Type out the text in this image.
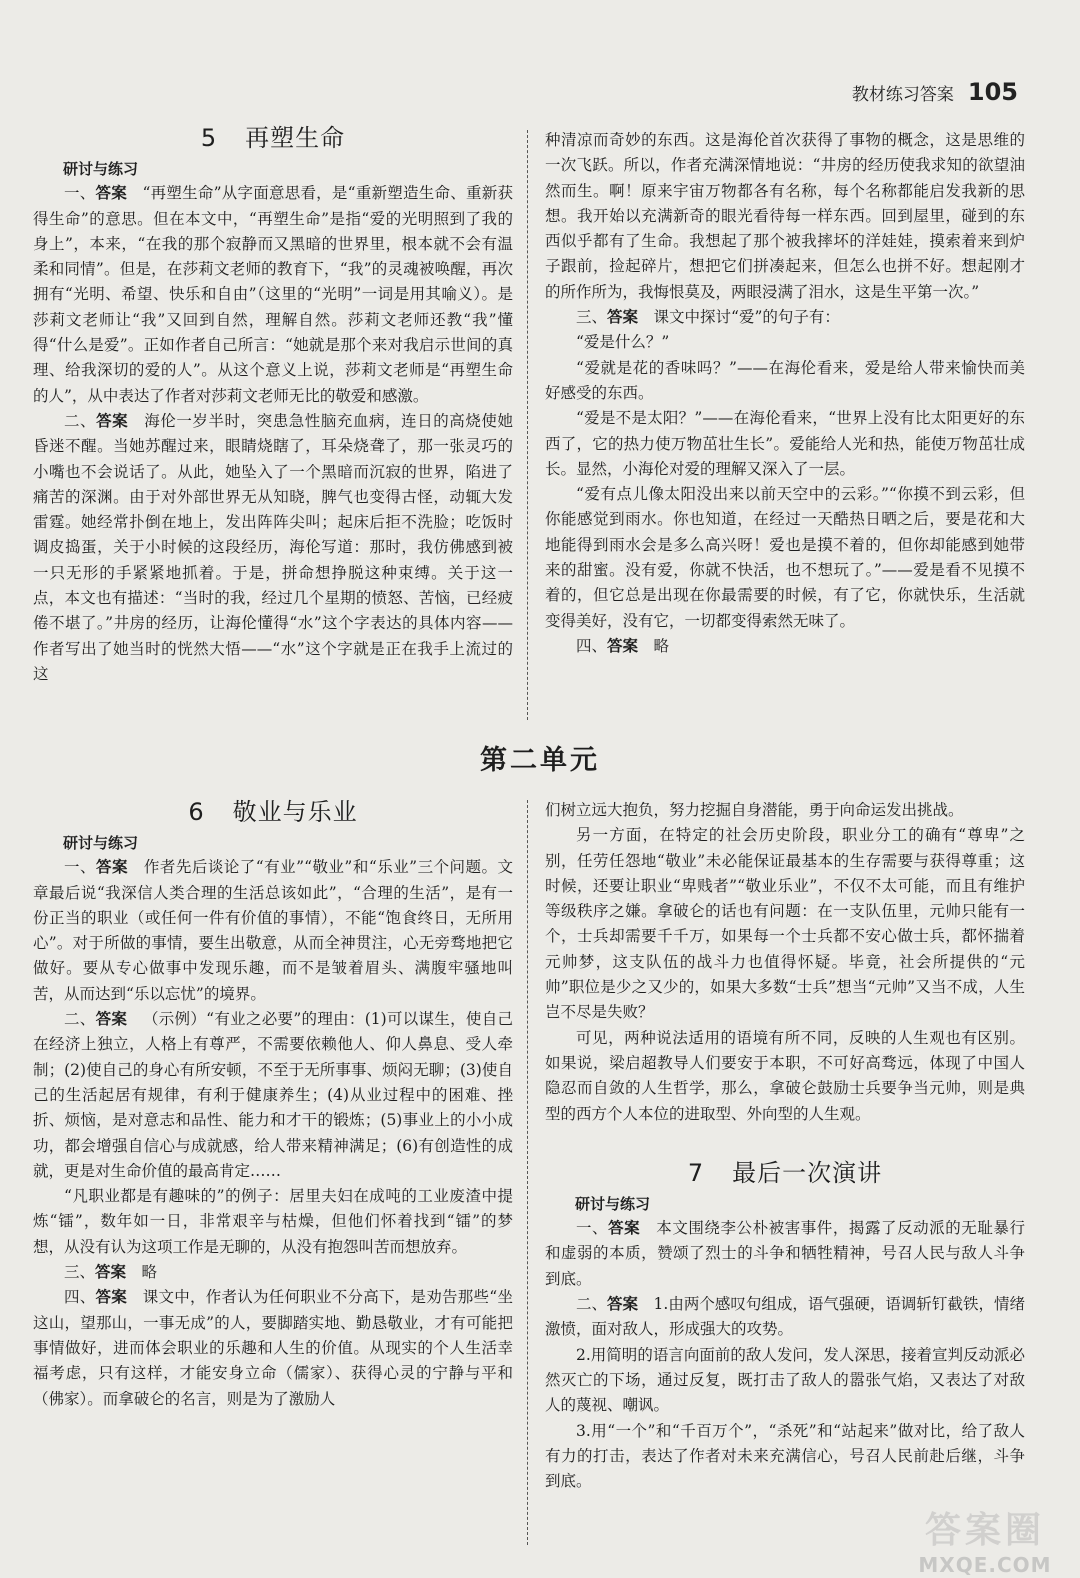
教材练习答案 105
5 再塑生命

研讨与练习

一、答案  “再塑生命”从字面意思看，是“重新塑造生命、重新获得生命”的意思。但在本文中，“再塑生命”是指“爱的光明照到了我的身上”，本来，“在我的那个寂静而又黑暗的世界里，根本就不会有温柔和同情”。但是，在莎莉文老师的教育下，“我”的灵魂被唤醒，再次拥有“光明、希望、快乐和自由”（这里的“光明”一词是用其喻义）。是莎莉文老师让“我”又回到自然，理解自然。莎莉文老师还教“我”懂得“什么是爱”。正如作者自己所言：“她就是那个来对我启示世间的真理、给我深切的爱的人”。从这个意义上说，莎莉文老师是“再塑生命的人”，从中表达了作者对莎莉文老师无比的敬爱和感激。

二、答案  海伦一岁半时，突患急性脑充血病，连日的高烧使她昏迷不醒。当她苏醒过来，眼睛烧瞎了，耳朵烧聋了，那一张灵巧的小嘴也不会说话了。从此，她坠入了一个黑暗而沉寂的世界，陷进了痛苦的深渊。由于对外部世界无从知晓，脾气也变得古怪，动辄大发雷霆。她经常扑倒在地上，发出阵阵尖叫；起床后拒不洗脸；吃饭时调皮捣蛋，关于小时候的这段经历，海伦写道：那时，我仿佛感到被一只无形的手紧紧地抓着。于是，拼命想挣脱这种束缚。关于这一点，本文也有描述：“当时的我，经过几个星期的愤怒、苦恼，已经疲倦不堪了。”井房的经历，让海伦懂得“水”这个字表达的具体内容——作者写出了她当时的恍然大悟——“水”这个字就是正在我手上流过的这

种清凉而奇妙的东西。这是海伦首次获得了事物的概念，这是思维的一次飞跃。所以，作者充满深情地说：“井房的经历使我求知的欲望油然而生。啊！原来宇宙万物都各有名称，每个名称都能启发我新的思想。我开始以充满新奇的眼光看待每一样东西。回到屋里，碰到的东西似乎都有了生命。我想起了那个被我摔坏的洋娃娃，摸索着来到炉子跟前，捡起碎片，想把它们拼凑起来，但怎么也拼不好。想起刚才的所作所为，我悔恨莫及，两眼浸满了泪水，这是生平第一次。”

三、答案  课文中探讨“爱”的句子有：

“爱是什么？”

“爱就是花的香味吗？”——在海伦看来，爱是给人带来愉快而美好感受的东西。

“爱是不是太阳？”——在海伦看来，“世界上没有比太阳更好的东西了，它的热力使万物茁壮生长”。爱能给人光和热，能使万物茁壮成长。显然，小海伦对爱的理解又深入了一层。

“爱有点儿像太阳没出来以前天空中的云彩。”“你摸不到云彩，但你能感觉到雨水。你也知道，在经过一天酷热日晒之后，要是花和大地能得到雨水会是多么高兴呀！爱也是摸不着的，但你却能感到她带来的甜蜜。没有爱，你就不快活，也不想玩了。”——爱是看不见摸不着的，但它总是出现在你最需要的时候，有了它，你就快乐，生活就变得美好，没有它，一切都变得索然无味了。

四、答案  略

第二单元
6 敬业与乐业

研讨与练习

一、答案  作者先后谈论了“有业”“敬业”和“乐业”三个问题。文章最后说“我深信人类合理的生活总该如此”，“合理的生活”，是有一份正当的职业（或任何一件有价值的事情），不能“饱食终日，无所用心”。对于所做的事情，要生出敬意，从而全神贯注，心无旁骛地把它做好。要从专心做事中发现乐趣，而不是皱着眉头、满腹牢骚地叫苦，从而达到“乐以忘忧”的境界。

二、答案  （示例）“有业之必要”的理由：(1)可以谋生，使自己在经济上独立，人格上有尊严，不需要依赖他人、仰人鼻息、受人牵制；(2)使自己的身心有所安顿，不至于无所事事、烦闷无聊；(3)使自己的生活起居有规律，有利于健康养生；(4)从业过程中的困难、挫折、烦恼，是对意志和品性、能力和才干的锻炼；(5)事业上的小小成功，都会增强自信心与成就感，给人带来精神满足；(6)有创造性的成就，更是对生命价值的最高肯定……

“凡职业都是有趣味的”的例子：居里夫妇在成吨的工业废渣中提炼“镭”，数年如一日，非常艰辛与枯燥，但他们怀着找到“镭”的梦想，从没有认为这项工作是无聊的，从没有抱怨叫苦而想放弃。

三、答案  略

四、答案  课文中，作者认为任何职业不分高下，是劝告那些“坐这山，望那山，一事无成”的人，要脚踏实地、勤恳敬业，才有可能把事情做好，进而体会职业的乐趣和人生的价值。从现实的个人生活幸福考虑，只有这样，才能安身立命（儒家）、获得心灵的宁静与平和（佛家）。而拿破仑的名言，则是为了激励人

们树立远大抱负，努力挖掘自身潜能，勇于向命运发出挑战。

另一方面，在特定的社会历史阶段，职业分工的确有“尊卑”之别，任劳任怨地“敬业”未必能保证最基本的生存需要与获得尊重；这时候，还要让职业“卑贱者”“敬业乐业”，不仅不太可能，而且有维护等级秩序之嫌。拿破仑的话也有问题：在一支队伍里，元帅只能有一个，士兵却需要千千万，如果每一个士兵都不安心做士兵，都怀揣着元帅梦，这支队伍的战斗力也值得怀疑。毕竟，社会所提供的“元帅”职位是少之又少的，如果大多数“士兵”想当“元帅”又当不成，人生岂不尽是失败？

可见，两种说法适用的语境有所不同，反映的人生观也有区别。如果说，梁启超教导人们要安于本职，不可好高骛远，体现了中国人隐忍而自敛的人生哲学，那么，拿破仑鼓励士兵要争当元帅，则是典型的西方个人本位的进取型、外向型的人生观。

7 最后一次演讲

研讨与练习

一、答案  本文围绕李公朴被害事件，揭露了反动派的无耻暴行和虚弱的本质，赞颂了烈士的斗争和牺牲精神，号召人民与敌人斗争到底。

二、答案  1.由两个感叹句组成，语气强硬，语调斩钉截铁，情绪激愤，面对敌人，形成强大的攻势。

2.用简明的语言向面前的敌人发问，发人深思，接着宣判反动派必然灭亡的下场，通过反复，既打击了敌人的嚣张气焰，又表达了对敌人的蔑视、嘲讽。

3.用“一个”和“千百万个”，“杀死”和“站起来”做对比，给了敌人有力的打击，表达了作者对未来充满信心，号召人民前赴后继，斗争到底。

答案圈
MXQE.COM
